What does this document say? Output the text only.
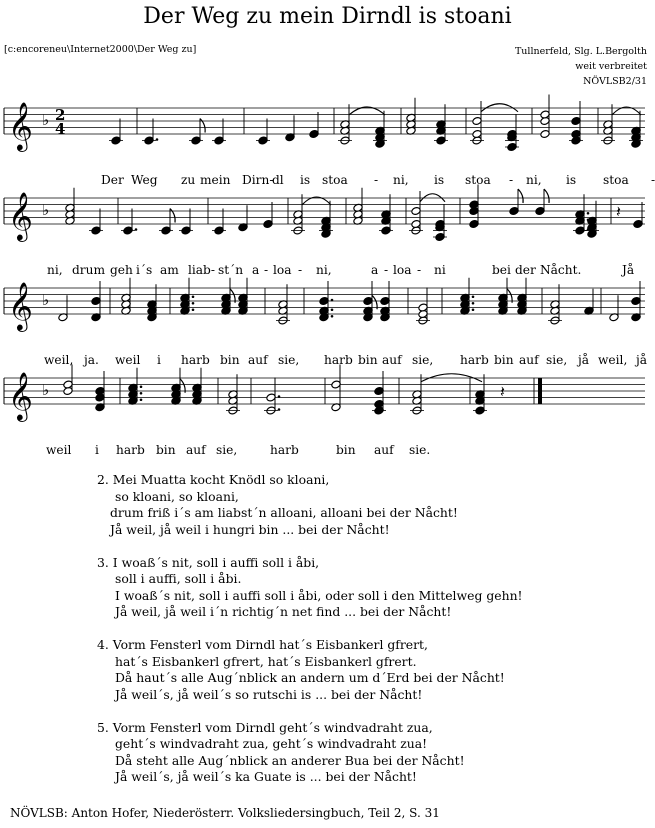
Der Weg zu mein Dirndl is stoani
[c:encoreneu\Internet2000\Der Weg zu]	Tullnerfeld, Slg. L.Bergolth
weit verbreitet
NÖVLSB2/31
𝄞 ♭ 2
4
𝄞 ♭	𝄽
𝄞 ♭
𝄞 ♭	𝄽
Der Weg zu mein Dirn-
dl is stoa - ni, is stoa - ni, is stoa -
ni, drum geh i´s am liab- st´n a - loa - ni,	a - loa - ni	bei der Nåcht.	Jå
weil, ja. weil i harb bin auf sie, harb bin auf sie, harb bin auf sie, jå weil, jå
weil i harb bin auf sie,	harb	bin auf sie.
2. Mei Muatta kocht Knödl so kloani,
so kloani, so kloani,
drum friß i´s am liabst´n alloani, alloani bei der Nåcht!
Jå weil, jå weil i hungri bin ... bei der Nåcht!
3. I woaß´s nit, soll i auffi soll i åbi,
soll i auffi, soll i åbi.
I woaß´s nit, soll i auffi soll i åbi, oder soll i den Mittelweg gehn!
Jå weil, jå weil i´n richtig´n net find ... bei der Nåcht!
4. Vorm Fensterl vom Dirndl hat´s Eisbankerl gfrert,
hat´s Eisbankerl gfrert, hat´s Eisbankerl gfrert.
Då haut´s alle Aug´nblick an andern um d´Erd bei der Nåcht!
Jå weil´s, jå weil´s so rutschi is ... bei der Nåcht!
5. Vorm Fensterl vom Dirndl geht´s windvadraht zua,
geht´s windvadraht zua, geht´s windvadraht zua!
Då steht alle Aug´nblick an anderer Bua bei der Nåcht!
Jå weil´s, jå weil´s ka Guate is ... bei der Nåcht!
NÖVLSB: Anton Hofer, Niederösterr. Volksliedersingbuch, Teil 2, S. 31
